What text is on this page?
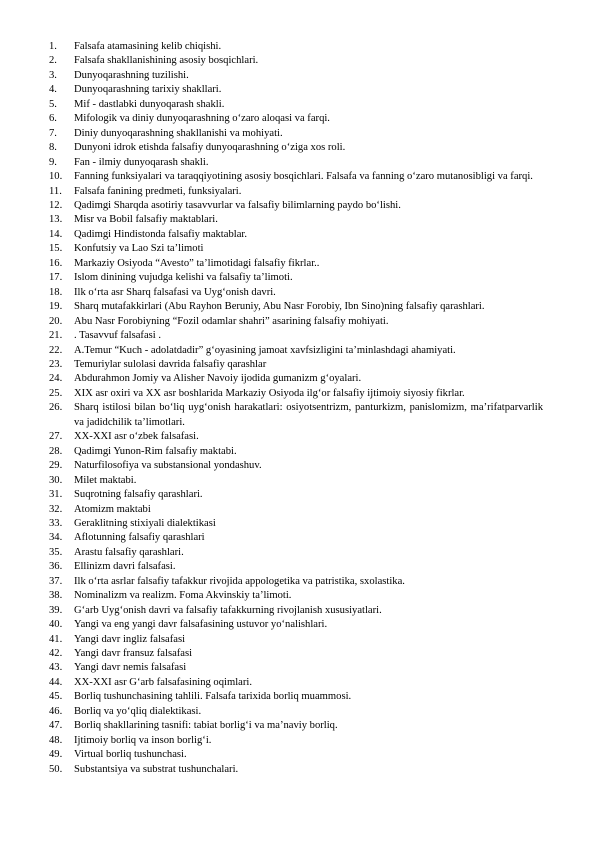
1. Falsafa atamasining kelib chiqishi.
2. Falsafa shakllanishining asosiy bosqichlari.
3. Dunyoqarashning tuzilishi.
4. Dunyoqarashning tarixiy shakllari.
5. Mif - dastlabki dunyoqarash shakli.
6. Mifologik va diniy dunyoqarashning o‘zaro aloqasi va farqi.
7. Diniy dunyoqarashning shakllanishi va mohiyati.
8. Dunyoni idrok etishda falsafiy dunyoqarashning o‘ziga xos roli.
9. Fan - ilmiy dunyoqarash shakli.
10. Fanning funksiyalari va taraqqiyotining asosiy bosqichlari. Falsafa va fanning o‘zaro mutanosibligi va farqi.
11. Falsafa fanining predmeti, funksiyalari.
12. Qadimgi Sharqda asotiriy tasavvurlar va falsafiy bilimlarning paydo bo‘lishi.
13. Misr va Bobil falsafiy maktablari.
14. Qadimgi Hindistonda falsafiy maktablar.
15. Konfutsiy va Lao Szi ta’limoti
16. Markaziy Osiyoda “Avesto” ta’limotidagi falsafiy fikrlar..
17. Islom dinining vujudga kelishi va falsafiy ta’limoti.
18. Ilk o‘rta asr Sharq falsafasi va Uyg‘onish davri.
19. Sharq mutafakkirlari (Abu Rayhon Beruniy, Abu Nasr Forobiy, Ibn Sino)ning falsafiy qarashlari.
20. Abu Nasr Forobiyning “Fozil odamlar shahri” asarining falsafiy mohiyati.
21. . Tasavvuf falsafasi .
22. A.Temur “Kuch - adolatdadir” g‘oyasining jamoat xavfsizligini ta’minlashdagi ahamiyati.
23. Temuriylar sulolasi davrida falsafiy qarashlar
24. Abdurahmon Jomiy va Alisher Navoiy ijodida gumanizm g‘oyalari.
25. XIX asr oxiri va XX asr boshlarida Markaziy Osiyoda ilg‘or falsafiy ijtimoiy siyosiy fikrlar.
26. Sharq istilosi bilan bo‘liq uyg‘onish harakatlari: osiyotsentrizm, panturkizm, panislomizm, ma’rifatparvarlik va jadidchilik ta’limotlari.
27. XX-XXI asr o‘zbek falsafasi.
28. Qadimgi Yunon-Rim falsafiy maktabi.
29. Naturfilosofiya va substansional yondashuv.
30. Milet maktabi.
31. Suqrotning falsafiy qarashlari.
32. Atomizm maktabi
33. Geraklitning stixiyali dialektikasi
34. Aflotunning falsafiy qarashlari
35. Arastu falsafiy qarashlari.
36. Ellinizm davri falsafasi.
37. Ilk o‘rta asrlar falsafiy tafakkur rivojida appologetika va patristika, sxolastika.
38. Nominalizm va realizm. Foma Akvinskiy ta’limoti.
39. G‘arb Uyg‘onish davri va falsafiy tafakkurning rivojlanish xususiyatlari.
40. Yangi va eng yangi davr falsafasining ustuvor yo‘nalishlari.
41. Yangi davr ingliz falsafasi
42. Yangi davr fransuz falsafasi
43. Yangi davr nemis falsafasi
44. XX-XXI asr G‘arb falsafasining oqimlari.
45. Borliq tushunchasining tahlili. Falsafa tarixida borliq muammosi.
46. Borliq va yo‘qliq dialektikasi.
47. Borliq shakllarining tasnifi: tabiat borlig‘i va ma’naviy borliq.
48. Ijtimoiy borliq va inson borlig‘i.
49. Virtual borliq tushunchasi.
50. Substantsiya va substrat tushunchalari.
